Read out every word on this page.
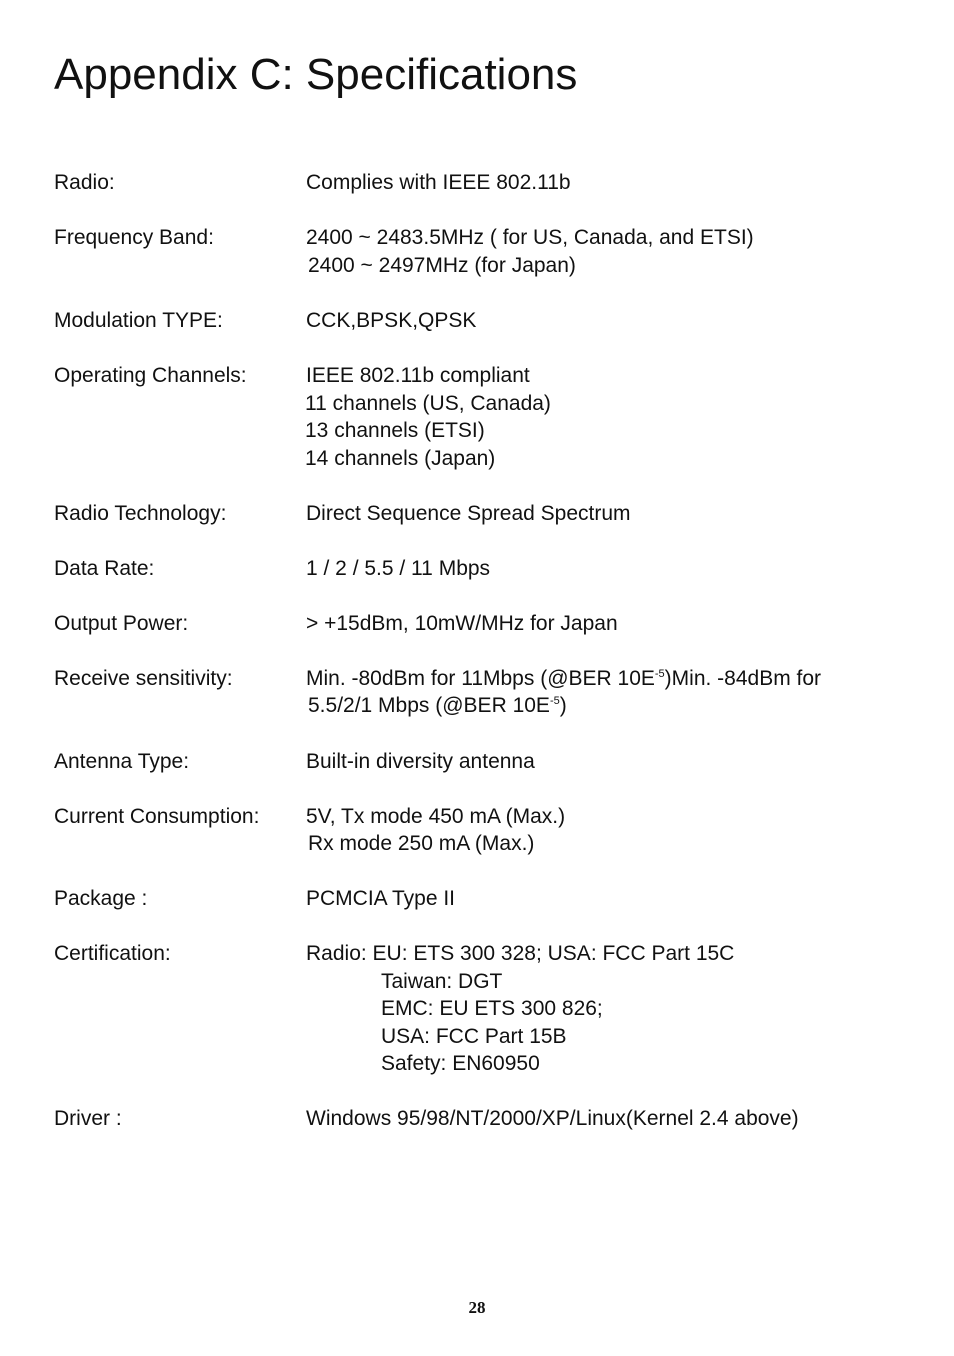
Appendix C: Specifications
Radio:	Complies with IEEE 802.11b
Frequency Band:	2400 ~ 2483.5MHz ( for US, Canada, and ETSI)
2400 ~ 2497MHz (for Japan)
Modulation TYPE:	CCK,BPSK,QPSK
Operating Channels:	IEEE 802.11b compliant
11 channels (US, Canada)
13 channels (ETSI)
14 channels (Japan)
Radio Technology:	Direct Sequence Spread Spectrum
Data Rate:	1 / 2 / 5.5 / 11 Mbps
Output Power:	> +15dBm, 10mW/MHz for Japan
Receive sensitivity:	Min. -80dBm for 11Mbps (@BER $10E^{-5})Min$. -84dBm for
5.5/2/1 Mbps (@BER $10E^{-5}$)
Antenna Type:	Built-in diversity antenna
Current Consumption: 5V, Tx mode 450 mA (Max.)
Rx mode 250 mA (Max.)
Package :	PCMCIA Type II
Certification:	Radio: EU: ETS 300 328; USA: FCC Part 15C
Taiwan: DGT
EMC: EU ETS 300 826;
USA: FCC Part 15B
Safety: EN60950
Driver :	Windows 95/98/NT/2000/XP/Linux(Kernel 2.4 above)
28
